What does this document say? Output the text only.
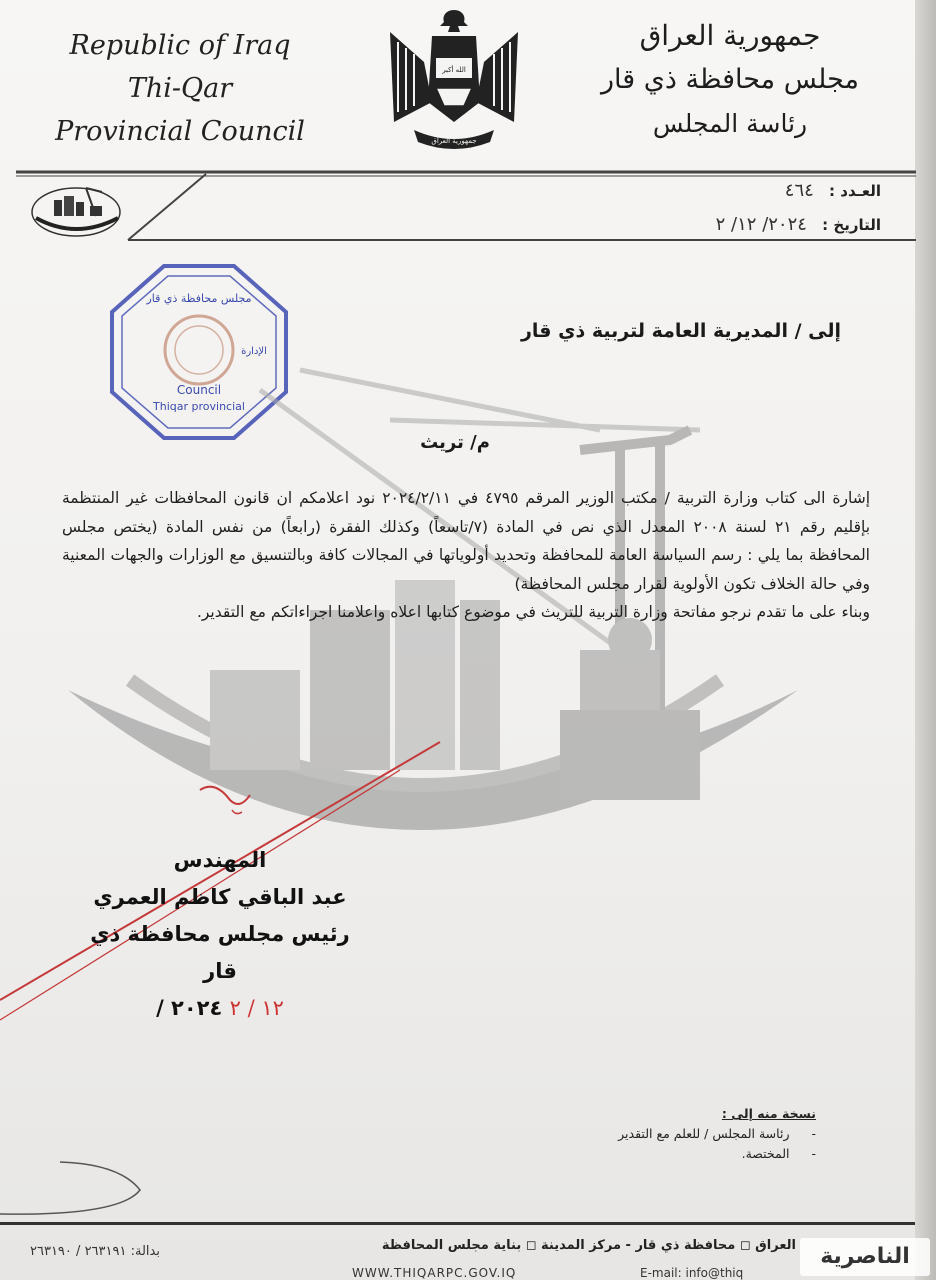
Republic of Iraq
Thi-Qar
Provincial Council
الله أكبر
جمهورية العراق
جمهورية العراق
مجلس محافظة ذي قار
رئاسة المجلس
العـدد : ٤٦٤
التاريخ : ٢٠٢٤/ ١٢/ ٢
مجلس محافظة ذي قار
الإدارة
Council
Thiqar provincial
إلى / المديرية العامة لتربية ذي قار
م/ تريث

إشارة الى كتاب وزارة التربية / مكتب الوزير المرقم ٤٧٩٥ في ٢٠٢٤/٢/١١ نود اعلامكم ان قانون المحافظات غير المنتظمة بإقليم رقم ٢١ لسنة ٢٠٠٨ المعدل الذي نص في المادة (٧/تاسعاً) وكذلك الفقرة (رابعاً) من نفس المادة (يختص مجلس المحافظة بما يلي : رسم السياسة العامة للمحافظة وتحديد أولوياتها في المجالات كافة وبالتنسيق مع الوزارات والجهات المعنية وفي حالة الخلاف تكون الأولوية لقرار مجلس المحافظة)

وبناء على ما تقدم نرجو مفاتحة وزارة التربية للتريث في موضوع كتابها اعلاه واعلامنا اجراءاتكم مع التقدير.

المهندس
عبد الباقي كاظم العمري
رئيس مجلس محافظة ذي قار
١٢ / ٢ ٢٠٢٤ /
نسخة منه إلى :
- رئاسة المجلس / للعلم مع التقدير
- المختصة.
العراق ◻ محافظة ذي قار - مركز المدينة ◻ بناية مجلس المحافظة
بدالة: ٢٦٣١٩١ / ٢٦٣١٩٠
WWW.THIQARPC.GOV.IQ	E-mail: info@thiq
الناصرية
